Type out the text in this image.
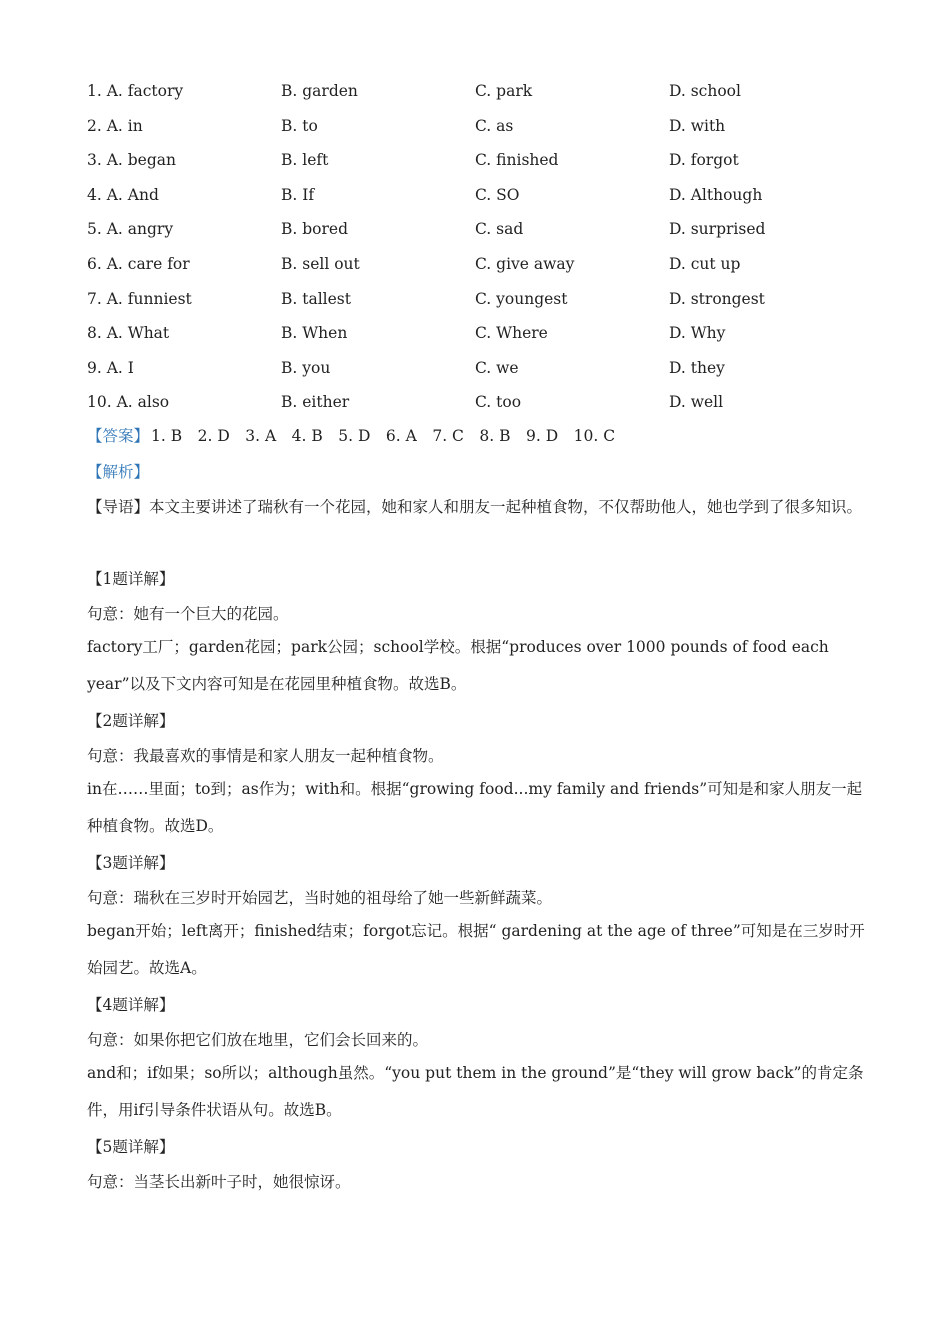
1. A. factory	B. garden	C. park	D. school
2. A. in	B. to	C. as	D. with
3. A. began	B. left	C. finished	D. forgot
4. A. And	B. If	C. SO	D. Although
5. A. angry	B. bored	C. sad	D. surprised
6. A. care for	B. sell out	C. give away	D. cut up
7. A. funniest	B. tallest	C. youngest	D. strongest
8. A. What	B. When	C. Where	D. Why
9. A. I	B. you	C. we	D. they
10. A. also	B. either	C. too	D. well
【答案】 1. B　2. D　3. A　4. B　5. D　6. A　7. C　8. B　9. D　10. C
【解析】
【导语】本文主要讲述了瑞秋有一个花园，她和家人和朋友一起种植食物，不仅帮助他人，她也学到了很多知识。
【1题详解】
句意：她有一个巨大的花园。
factory工厂；garden花园；park公园；school学校。根据“produces over 1000 pounds of food each year”以及下文内容可知是在花园里种植食物。故选B。
【2题详解】
句意：我最喜欢的事情是和家人朋友一起种植食物。
in在……里面；to到；as作为；with和。根据“growing food...my family and friends”可知是和家人朋友一起种植食物。故选D。
【3题详解】
句意：瑞秋在三岁时开始园艺，当时她的祖母给了她一些新鲜蔬菜。
began开始；left离开；finished结束；forgot忘记。根据“ gardening at the age of three”可知是在三岁时开始园艺。故选A。
【4题详解】
句意：如果你把它们放在地里，它们会长回来的。
and和；if如果；so所以；although虽然。“you put them in the ground”是“they will grow back”的肯定条件，用if引导条件状语从句。故选B。
【5题详解】
句意：当茎长出新叶子时，她很惊讶。
